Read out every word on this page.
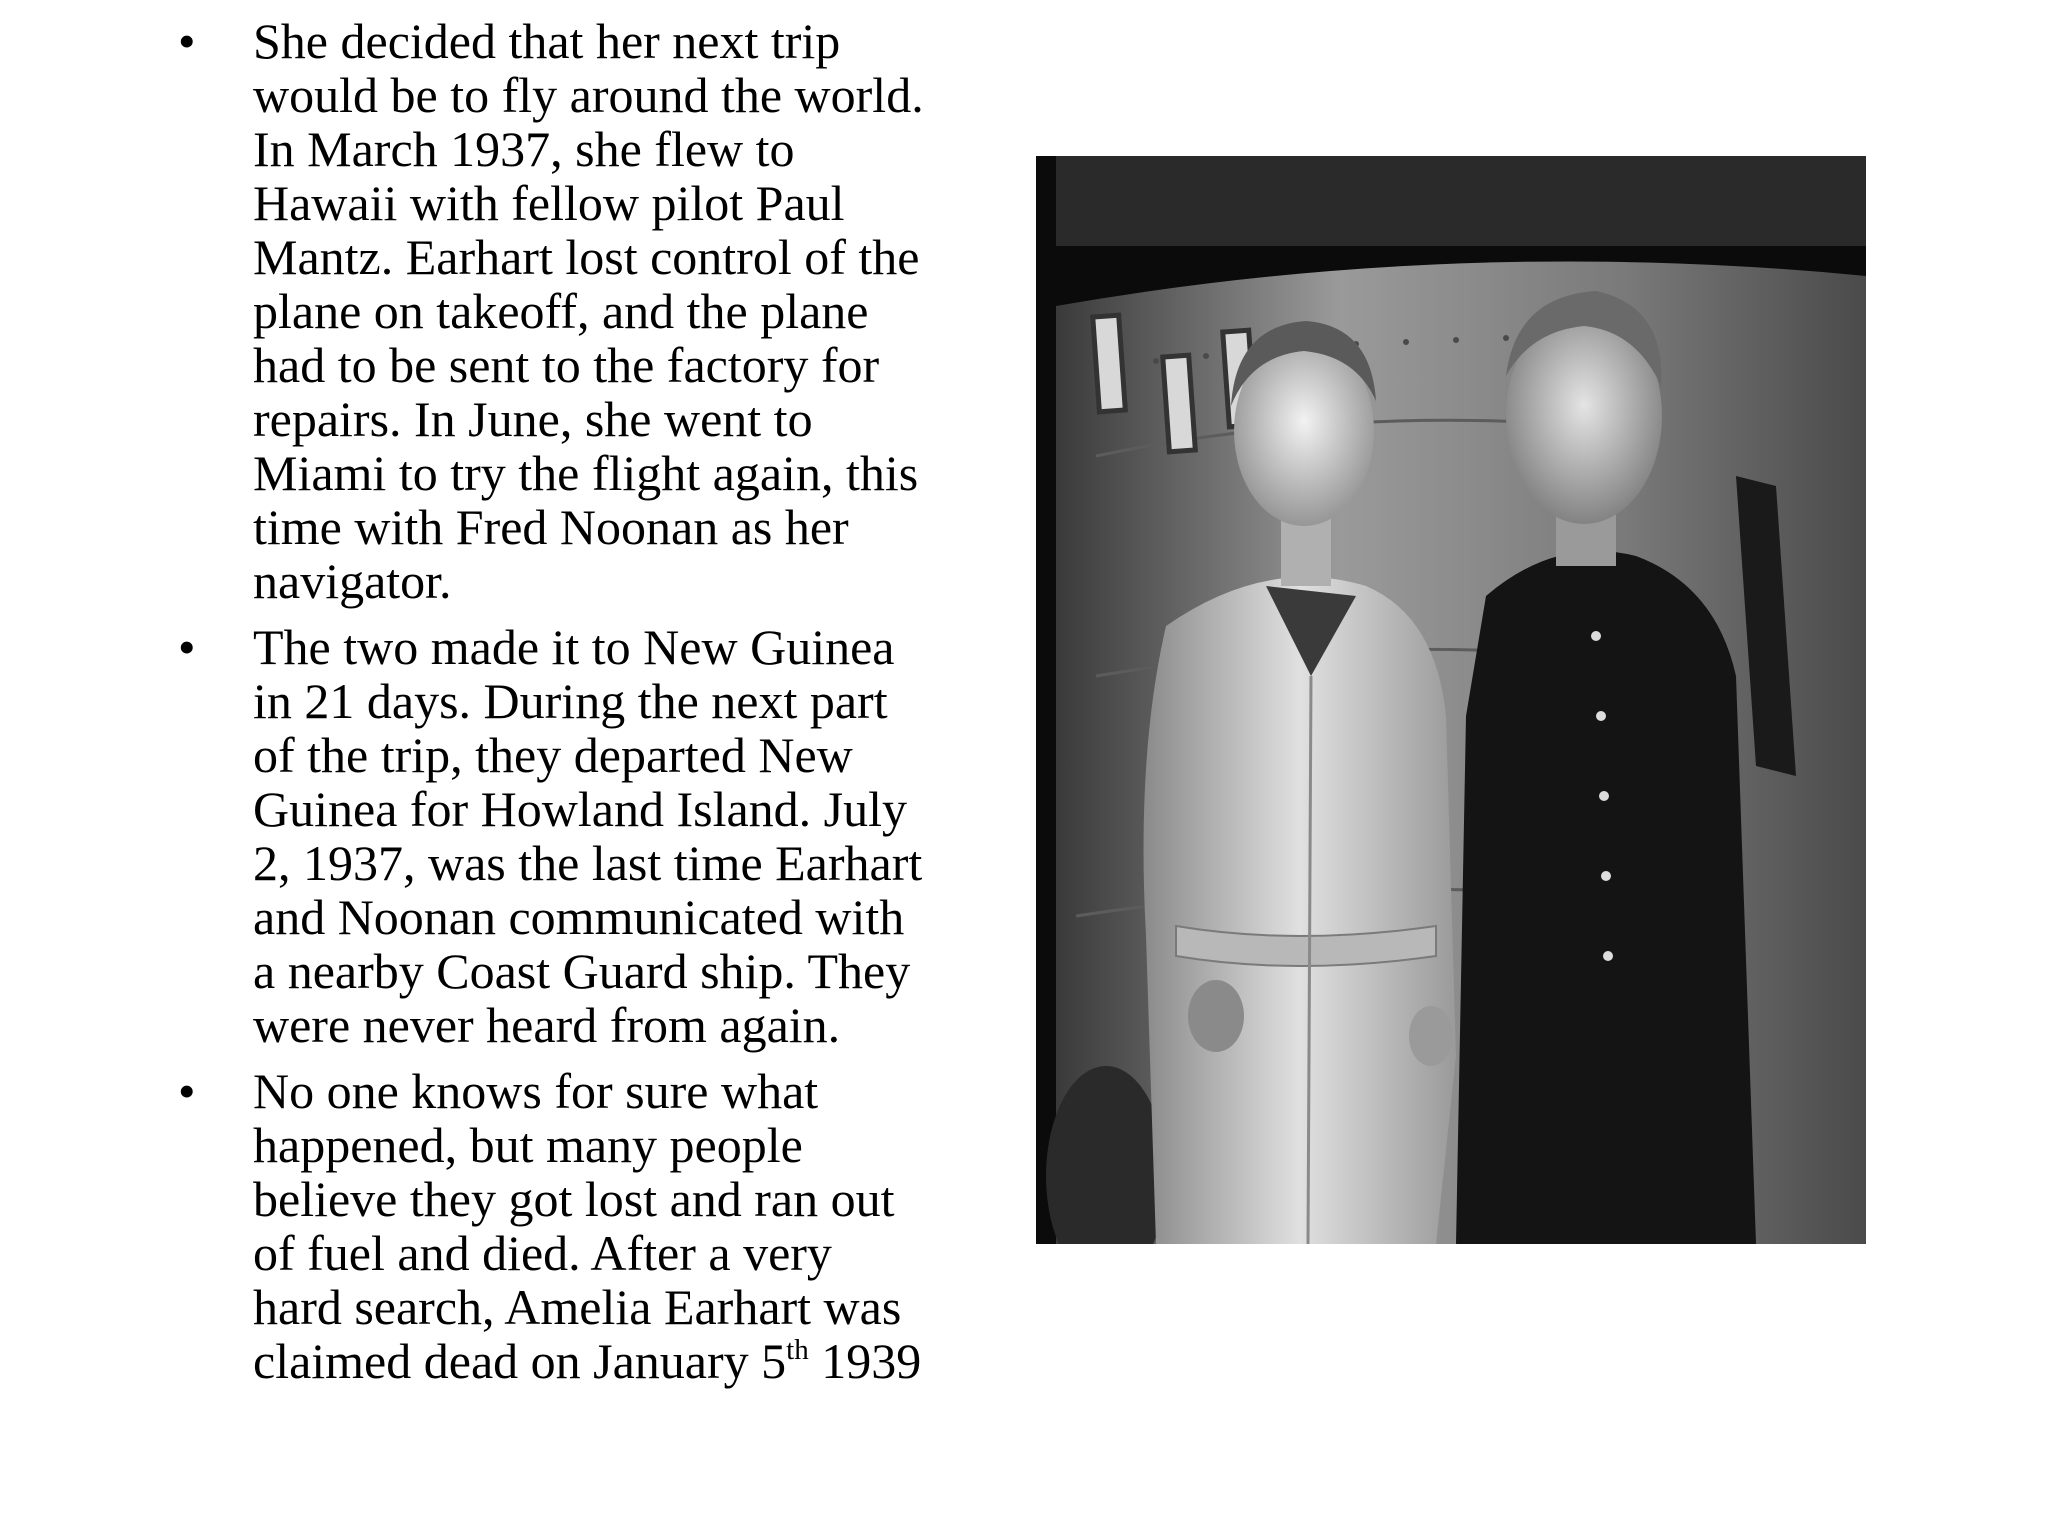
•	She decided that her next trip
would be to fly around the world.
In March 1937, she flew to
Hawaii with fellow pilot Paul
Mantz. Earhart lost control of the
plane on takeoff, and the plane
had to be sent to the factory for
repairs. In June, she went to
Miami to try the flight again, this
time with Fred Noonan as her
navigator.
•	The two made it to New Guinea
in 21 days. During the next part
of the trip, they departed New
Guinea for Howland Island. July
2, 1937, was the last time Earhart
and Noonan communicated with
a nearby Coast Guard ship. They
were never heard from again.
•	No one knows for sure what
happened, but many people
believe they got lost and ran out
of fuel and died. After a very
hard search, Amelia Earhart was
claimed dead on January 5th 1939
